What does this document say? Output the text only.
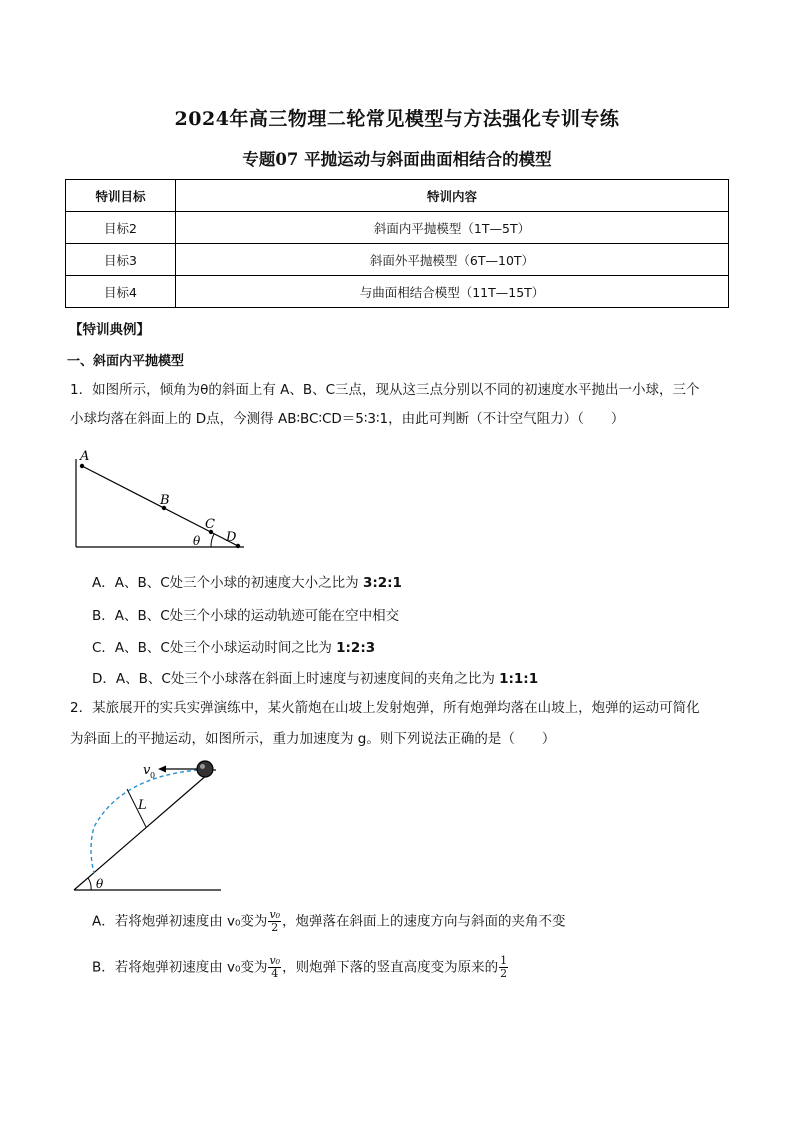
2024年高三物理二轮常见模型与方法强化专训专练
专题07 平抛运动与斜面曲面相结合的模型
特训目标	特训内容
目标2	斜面内平抛模型（1T—5T）
目标3	斜面外平抛模型（6T—10T）
目标4	与曲面相结合模型（11T—15T）
【特训典例】
一、斜面内平抛模型
1．如图所示，倾角为θ的斜面上有 A、B、C三点，现从这三点分别以不同的初速度水平抛出一小球，三个
小球均落在斜面上的 D点，今测得 AB∶BC∶CD＝5∶3∶1，由此可判断（不计空气阻力）（　　）
A
B
C
D
θ
A．A、B、C处三个小球的初速度大小之比为 3:2:1
B．A、B、C处三个小球的运动轨迹可能在空中相交
C．A、B、C处三个小球运动时间之比为 1:2:3
D．A、B、C处三个小球落在斜面上时速度与初速度间的夹角之比为 1:1:1
2．某旅展开的实兵实弹演练中，某火箭炮在山坡上发射炮弹，所有炮弹均落在山坡上，炮弹的运动可简化
为斜面上的平抛运动，如图所示，重力加速度为 g。则下列说法正确的是（　　）
v 0
L
θ
A．若将炮弹初速度由 v₀变为 $\frac{\text{v₀}}{2}$ ，炮弹落在斜面上的速度方向与斜面的夹角不变
B．若将炮弹初速度由 v₀变为 $\frac{\text{v₀}}{4}$ ，则炮弹下落的竖直高度变为原来的 $\frac{1}{2}$
